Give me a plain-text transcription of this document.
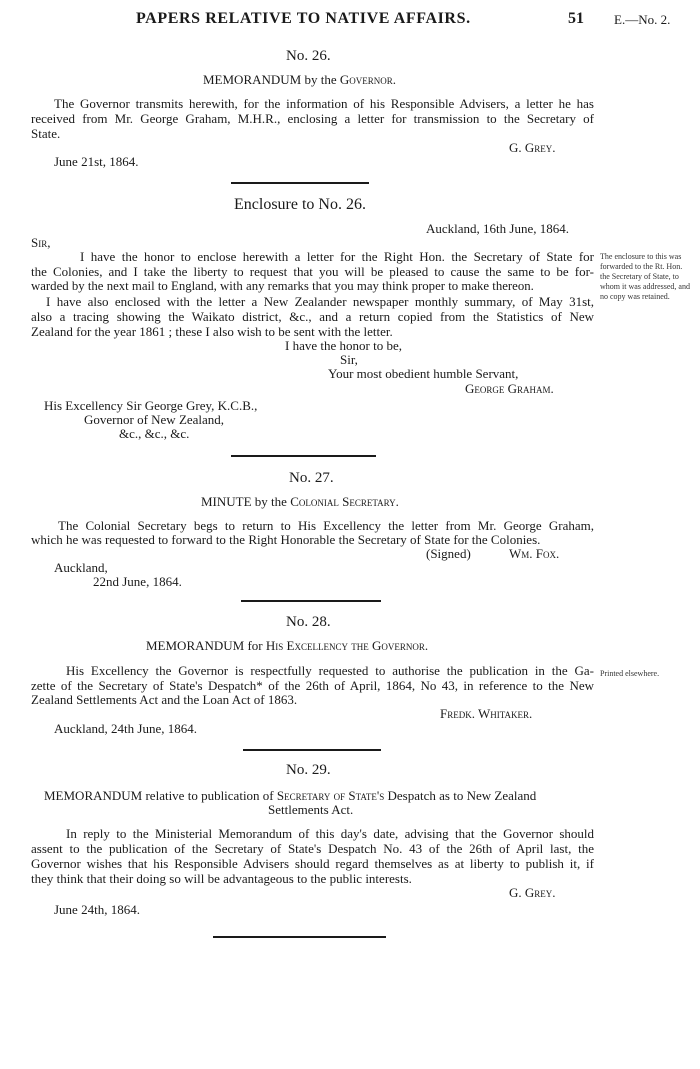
PAPERS RELATIVE TO NATIVE AFFAIRS.	51 E.—No. 2.
No. 26.
MEMORANDUM by the Governor.
The Governor transmits herewith, for the information of his Responsible Advisers, a letter he has
received from Mr. George Graham, M.H.R., enclosing a letter for transmission to the Secretary of
State.
G. Grey.
June 21st, 1864.
Enclosure to No. 26.
Auckland, 16th June, 1864.
Sir,
I have the honor to enclose herewith a letter for the Right Hon. the Secretary of State for
the Colonies, and I take the liberty to request that you will be pleased to cause the same to be for-
warded by the next mail to England, with any remarks that you may think proper to make thereon.
I have also enclosed with the letter a New Zealander newspaper monthly summary, of May 31st,
also a tracing showing the Waikato district, &c., and a return copied from the Statistics of New
Zealand for the year 1861 ; these I also wish to be sent with the letter.
I have the honor to be,
Sir,
Your most obedient humble Servant,
George Graham.
His Excellency Sir George Grey, K.C.B.,
Governor of New Zealand,
&c., &c., &c.
The enclosure to this was forwarded to the Rt. Hon. the Secretary of State, to whom it was addressed, and no copy was retained.
No. 27.
MINUTE by the Colonial Secretary.
The Colonial Secretary begs to return to His Excellency the letter from Mr. George Graham,
which he was requested to forward to the Right Honorable the Secretary of State for the Colonies.
(Signed)	Wm. Fox.
Auckland,
22nd June, 1864.
No. 28.
MEMORANDUM for His Excellency the Governor.
His Excellency the Governor is respectfully requested to authorise the publication in the Ga-
zette of the Secretary of State's Despatch* of the 26th of April, 1864, No 43, in reference to the New
Zealand Settlements Act and the Loan Act of 1863.
Fredk. Whitaker.
Auckland, 24th June, 1864.
Printed elsewhere.
No. 29.
MEMORANDUM relative to publication of Secretary of State's Despatch as to New Zealand
Settlements Act.
In reply to the Ministerial Memorandum of this day's date, advising that the Governor should
assent to the publication of the Secretary of State's Despatch No. 43 of the 26th of April last, the
Governor wishes that his Responsible Advisers should regard themselves as at liberty to publish it, if
they think that their doing so will be advantageous to the public interests.
G. Grey.
June 24th, 1864.
